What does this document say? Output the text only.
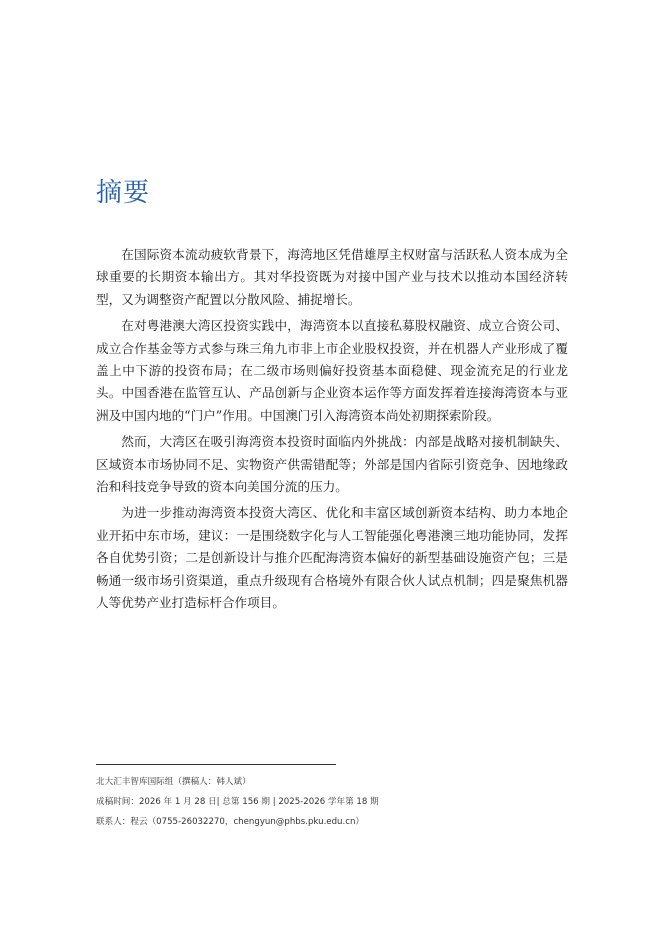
摘要

在国际资本流动疲软背景下，海湾地区凭借雄厚主权财富与活跃私人资本成为全球重要的长期资本输出方。其对华投资既为对接中国产业与技术以推动本国经济转型，又为调整资产配置以分散风险、捕捉增长。

在对粤港澳大湾区投资实践中，海湾资本以直接私募股权融资、成立合资公司、成立合作基金等方式参与珠三角九市非上市企业股权投资，并在机器人产业形成了覆盖上中下游的投资布局；在二级市场则偏好投资基本面稳健、现金流充足的行业龙头。中国香港在监管互认、产品创新与企业资本运作等方面发挥着连接海湾资本与亚洲及中国内地的“门户”作用。中国澳门引入海湾资本尚处初期探索阶段。

然而，大湾区在吸引海湾资本投资时面临内外挑战：内部是战略对接机制缺失、区域资本市场协同不足、实物资产供需错配等；外部是国内省际引资竞争、因地缘政治和科技竞争导致的资本向美国分流的压力。

为进一步推动海湾资本投资大湾区、优化和丰富区域创新资本结构、助力本地企业开拓中东市场，建议：一是围绕数字化与人工智能强化粤港澳三地功能协同，发挥各自优势引资；二是创新设计与推介匹配海湾资本偏好的新型基础设施资产包；三是畅通一级市场引资渠道，重点升级现有合格境外有限合伙人试点机制；四是聚焦机器人等优势产业打造标杆合作项目。

北大汇丰智库国际组（撰稿人：韩人斌）

成稿时间：2026 年 1 月 28 日| 总第 156 期 | 2025-2026 学年第 18 期

联系人：程云（0755-26032270，chengyun@phbs.pku.edu.cn）
